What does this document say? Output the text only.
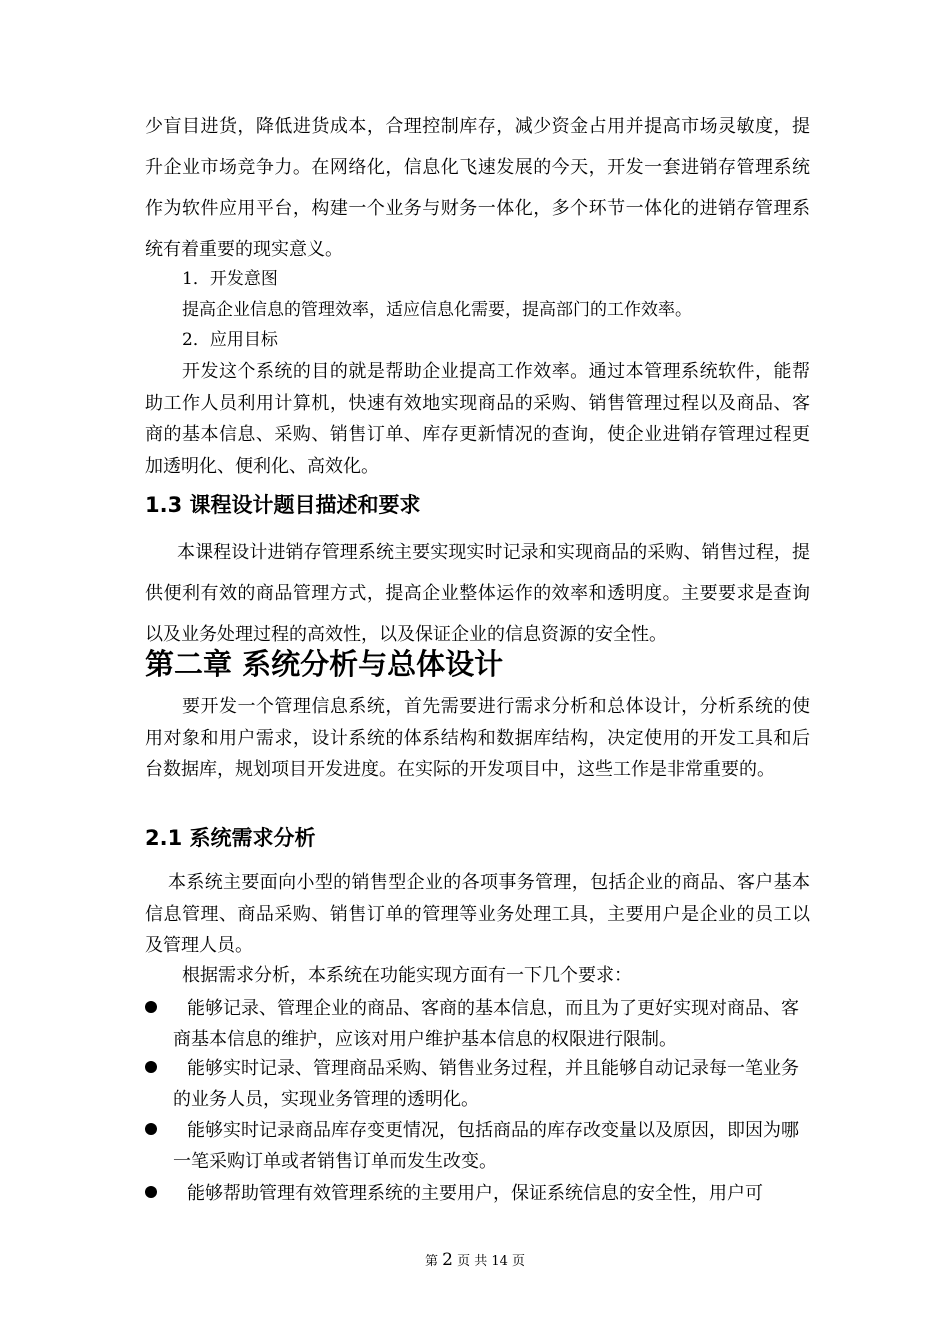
少盲目进货，降低进货成本，合理控制库存，减少资金占用并提高市场灵敏度，提升企业市场竞争力。在网络化，信息化飞速发展的今天，开发一套进销存管理系统作为软件应用平台，构建一个业务与财务一体化，多个环节一体化的进销存管理系统有着重要的现实意义。

1．开发意图

提高企业信息的管理效率，适应信息化需要，提高部门的工作效率。

2．应用目标

开发这个系统的目的就是帮助企业提高工作效率。通过本管理系统软件，能帮助工作人员利用计算机，快速有效地实现商品的采购、销售管理过程以及商品、客商的基本信息、采购、销售订单、库存更新情况的查询，使企业进销存管理过程更加透明化、便利化、高效化。

1.3 课程设计题目描述和要求

本课程设计进销存管理系统主要实现实时记录和实现商品的采购、销售过程，提供便利有效的商品管理方式，提高企业整体运作的效率和透明度。主要要求是查询以及业务处理过程的高效性，以及保证企业的信息资源的安全性。

第二章 系统分析与总体设计

要开发一个管理信息系统，首先需要进行需求分析和总体设计，分析系统的使用对象和用户需求，设计系统的体系结构和数据库结构，决定使用的开发工具和后台数据库，规划项目开发进度。在实际的开发项目中，这些工作是非常重要的。

2.1 系统需求分析

本系统主要面向小型的销售型企业的各项事务管理，包括企业的商品、客户基本信息管理、商品采购、销售订单的管理等业务处理工具，主要用户是企业的员工以及管理人员。

根据需求分析，本系统在功能实现方面有一下几个要求：

能够记录、管理企业的商品、客商的基本信息，而且为了更好实现对商品、客商基本信息的维护，应该对用户维护基本信息的权限进行限制。

能够实时记录、管理商品采购、销售业务过程，并且能够自动记录每一笔业务的业务人员，实现业务管理的透明化。

能够实时记录商品库存变更情况，包括商品的库存改变量以及原因，即因为哪一笔采购订单或者销售订单而发生改变。

能够帮助管理有效管理系统的主要用户，保证系统信息的安全性，用户可

第 2 页 共 14 页
